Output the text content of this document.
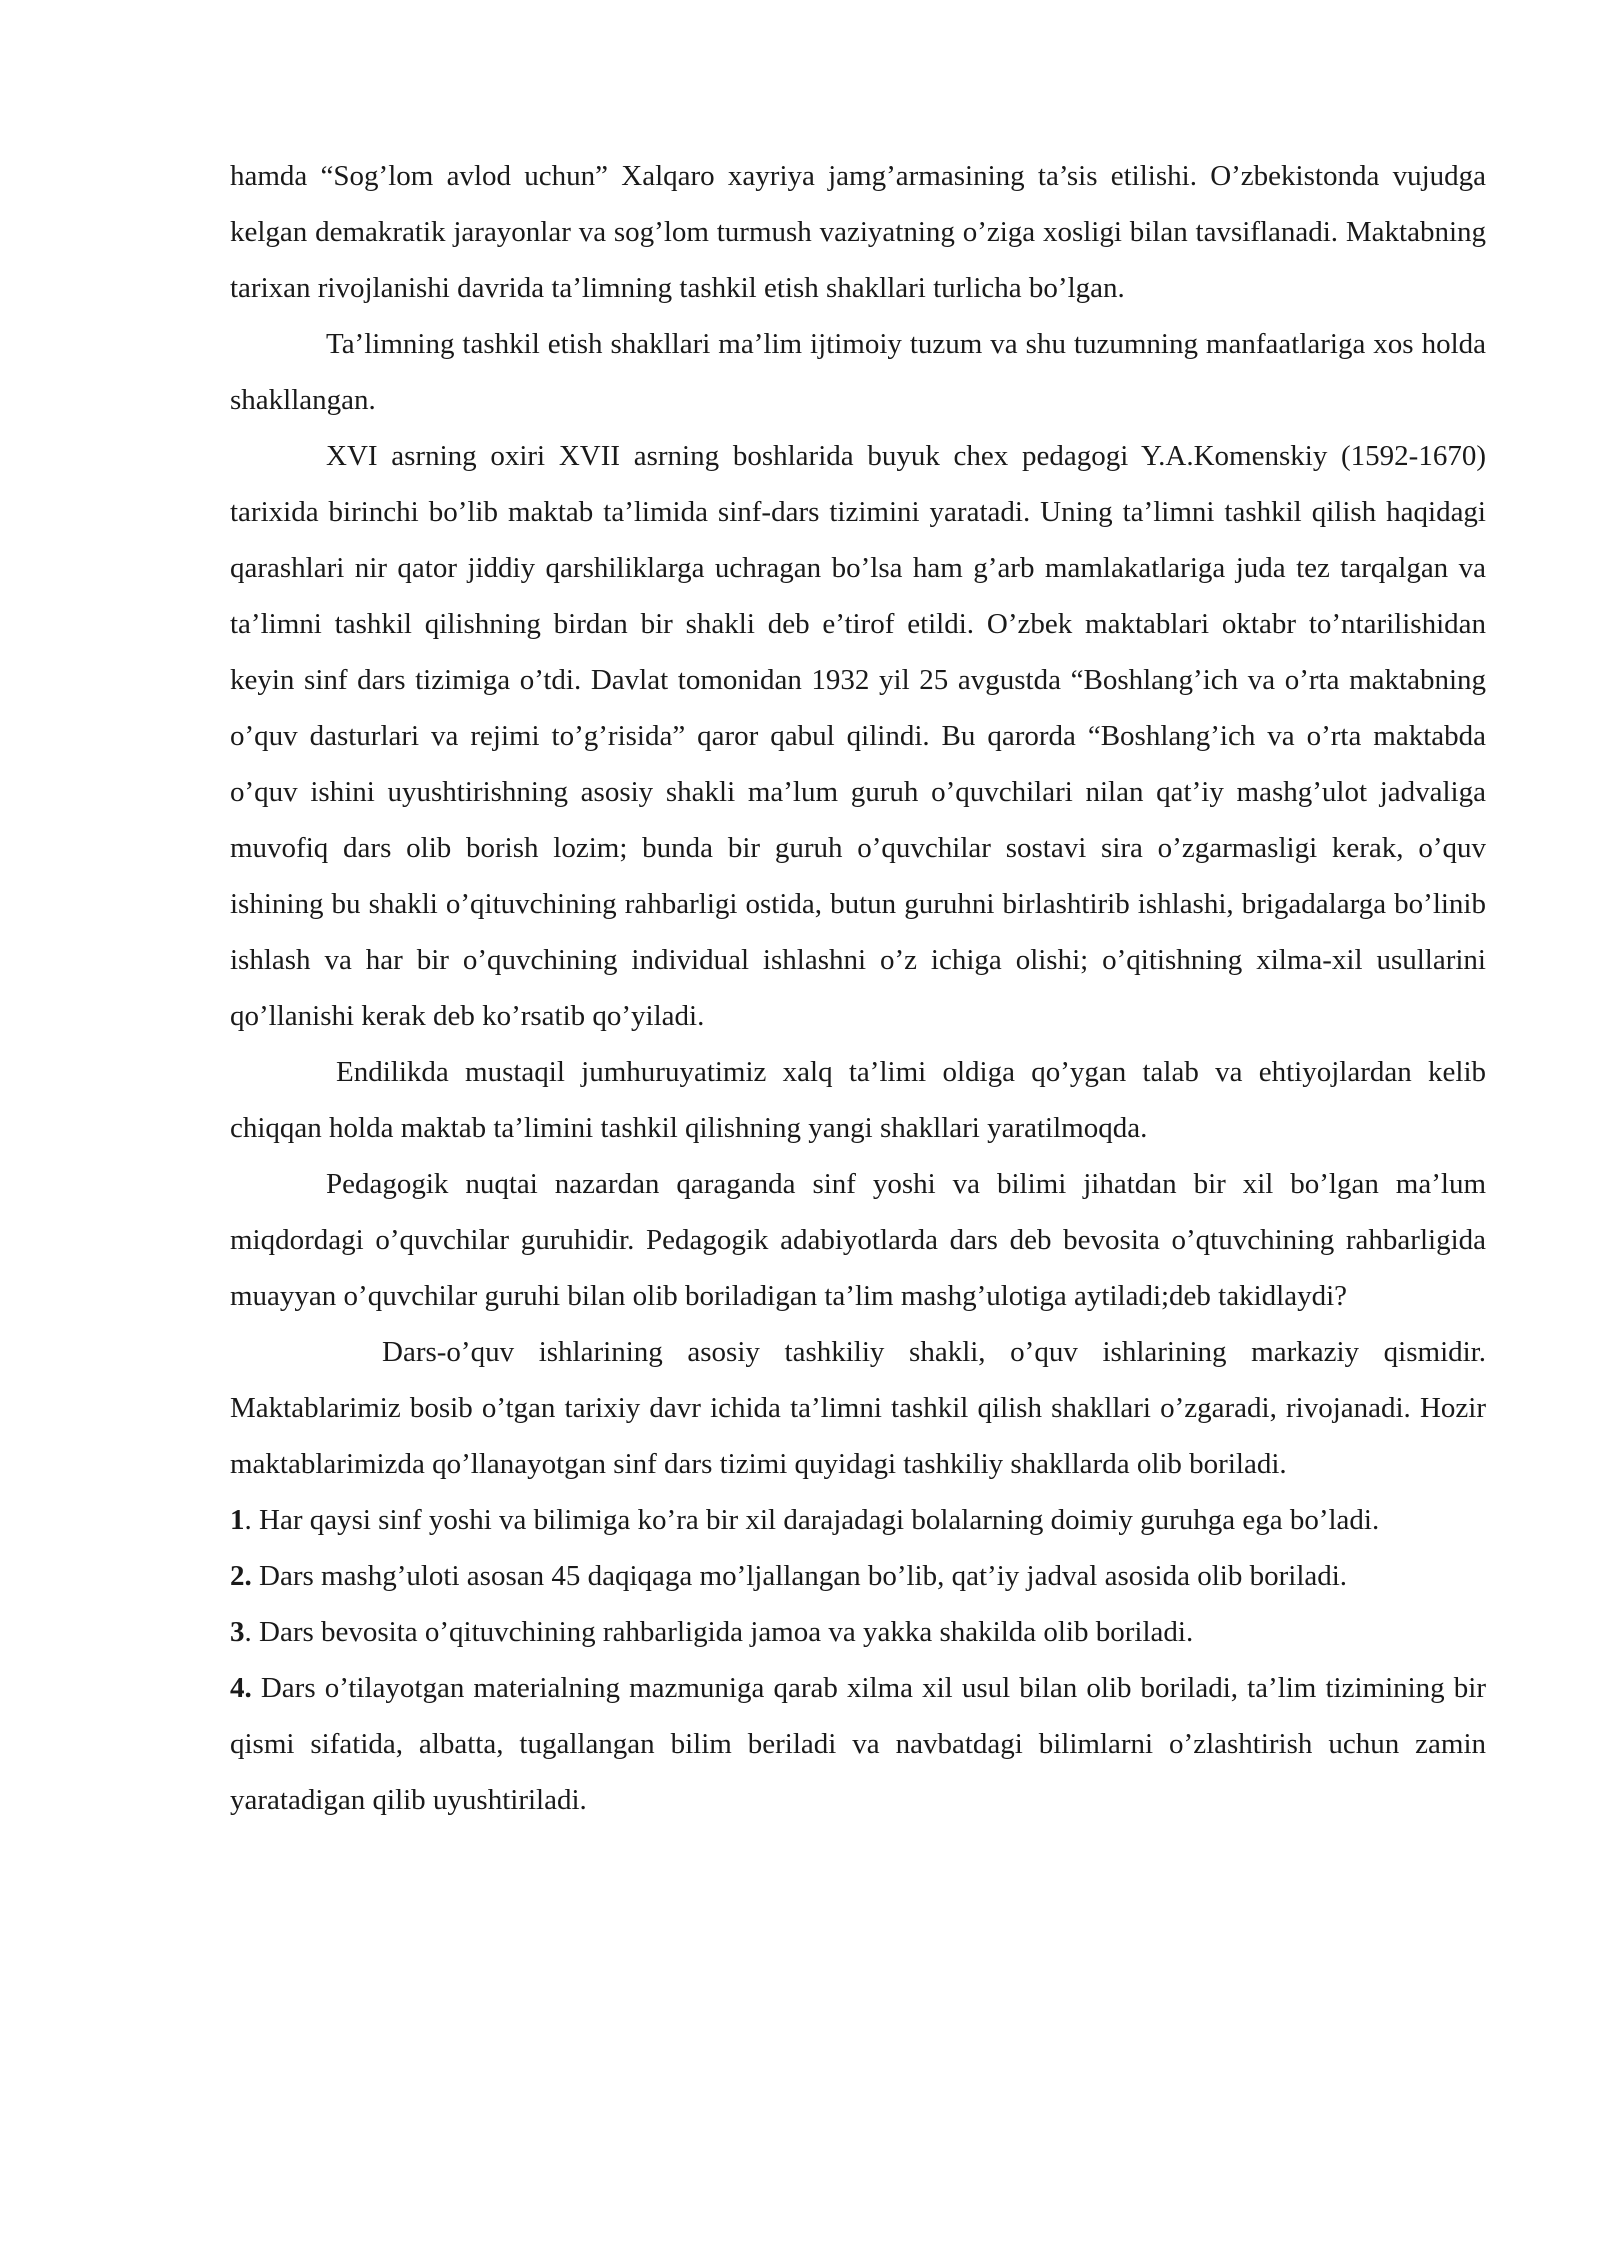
hamda “Sog’lom avlod uchun” Xalqaro xayriya jamg’armasining ta’sis etilishi. O’zbekistonda vujudga kelgan demakratik jarayonlar va sog’lom turmush vaziyatning o’ziga xosligi bilan tavsiflanadi. Maktabning tarixan rivojlanishi davrida ta’limning tashkil etish shakllari turlicha bo’lgan.

Ta’limning tashkil etish shakllari ma’lim ijtimoiy tuzum va shu tuzumning manfaatlariga xos holda shakllangan.

XVI asrning oxiri XVII asrning boshlarida buyuk chex pedagogi Y.A.Komenskiy (1592-1670) tarixida birinchi bo’lib maktab ta’limida sinf-dars tizimini yaratadi. Uning ta’limni tashkil qilish haqidagi qarashlari nir qator jiddiy qarshiliklarga uchragan bo’lsa ham g’arb mamlakatlariga juda tez tarqalgan va ta’limni tashkil qilishning birdan bir shakli deb e’tirof etildi. O’zbek maktablari oktabr to’ntarilishidan keyin sinf dars tizimiga o’tdi. Davlat tomonidan 1932 yil 25 avgustda “Boshlang’ich va o’rta maktabning o’quv dasturlari va rejimi to’g’risida” qaror qabul qilindi. Bu qarorda “Boshlang’ich va o’rta maktabda o’quv ishini uyushtirishning asosiy shakli ma’lum guruh o’quvchilari nilan qat’iy mashg’ulot jadvaliga muvofiq dars olib borish lozim; bunda bir guruh o’quvchilar sostavi sira o’zgarmasligi kerak, o’quv ishining bu shakli o’qituvchining rahbarligi ostida, butun guruhni birlashtirib ishlashi, brigadalarga bo’linib ishlash va har bir o’quvchining individual ishlashni o’z ichiga olishi; o’qitishning xilma-xil usullarini qo’llanishi kerak deb ko’rsatib qo’yiladi.

Endilikda mustaqil jumhuruyatimiz xalq ta’limi oldiga qo’ygan talab va ehtiyojlardan kelib chiqqan holda maktab ta’limini tashkil qilishning yangi shakllari yaratilmoqda.

Pedagogik nuqtai nazardan qaraganda sinf yoshi va bilimi jihatdan bir xil bo’lgan ma’lum miqdordagi o’quvchilar guruhidir. Pedagogik adabiyotlarda dars deb bevosita o’qtuvchining rahbarligida muayyan o’quvchilar guruhi bilan olib boriladigan ta’lim mashg’ulotiga aytiladi;deb takidlaydi?

Dars-o’quv ishlarining asosiy tashkiliy shakli, o’quv ishlarining markaziy qismidir. Maktablarimiz bosib o’tgan tarixiy davr ichida ta’limni tashkil qilish shakllari o’zgaradi, rivojanadi. Hozir maktablarimizda qo’llanayotgan sinf dars tizimi quyidagi tashkiliy shakllarda olib boriladi.

1. Har qaysi sinf yoshi va bilimiga ko’ra bir xil darajadagi bolalarning doimiy guruhga ega bo’ladi.

2. Dars mashg’uloti asosan 45 daqiqaga mo’ljallangan bo’lib, qat’iy jadval asosida olib boriladi.

3. Dars bevosita o’qituvchining rahbarligida jamoa va yakka shakilda olib boriladi.

4. Dars o’tilayotgan materialning mazmuniga qarab xilma xil usul bilan olib boriladi, ta’lim tizimining bir qismi sifatida, albatta, tugallangan bilim beriladi va navbatdagi bilimlarni o’zlashtirish uchun zamin yaratadigan qilib uyushtiriladi.
